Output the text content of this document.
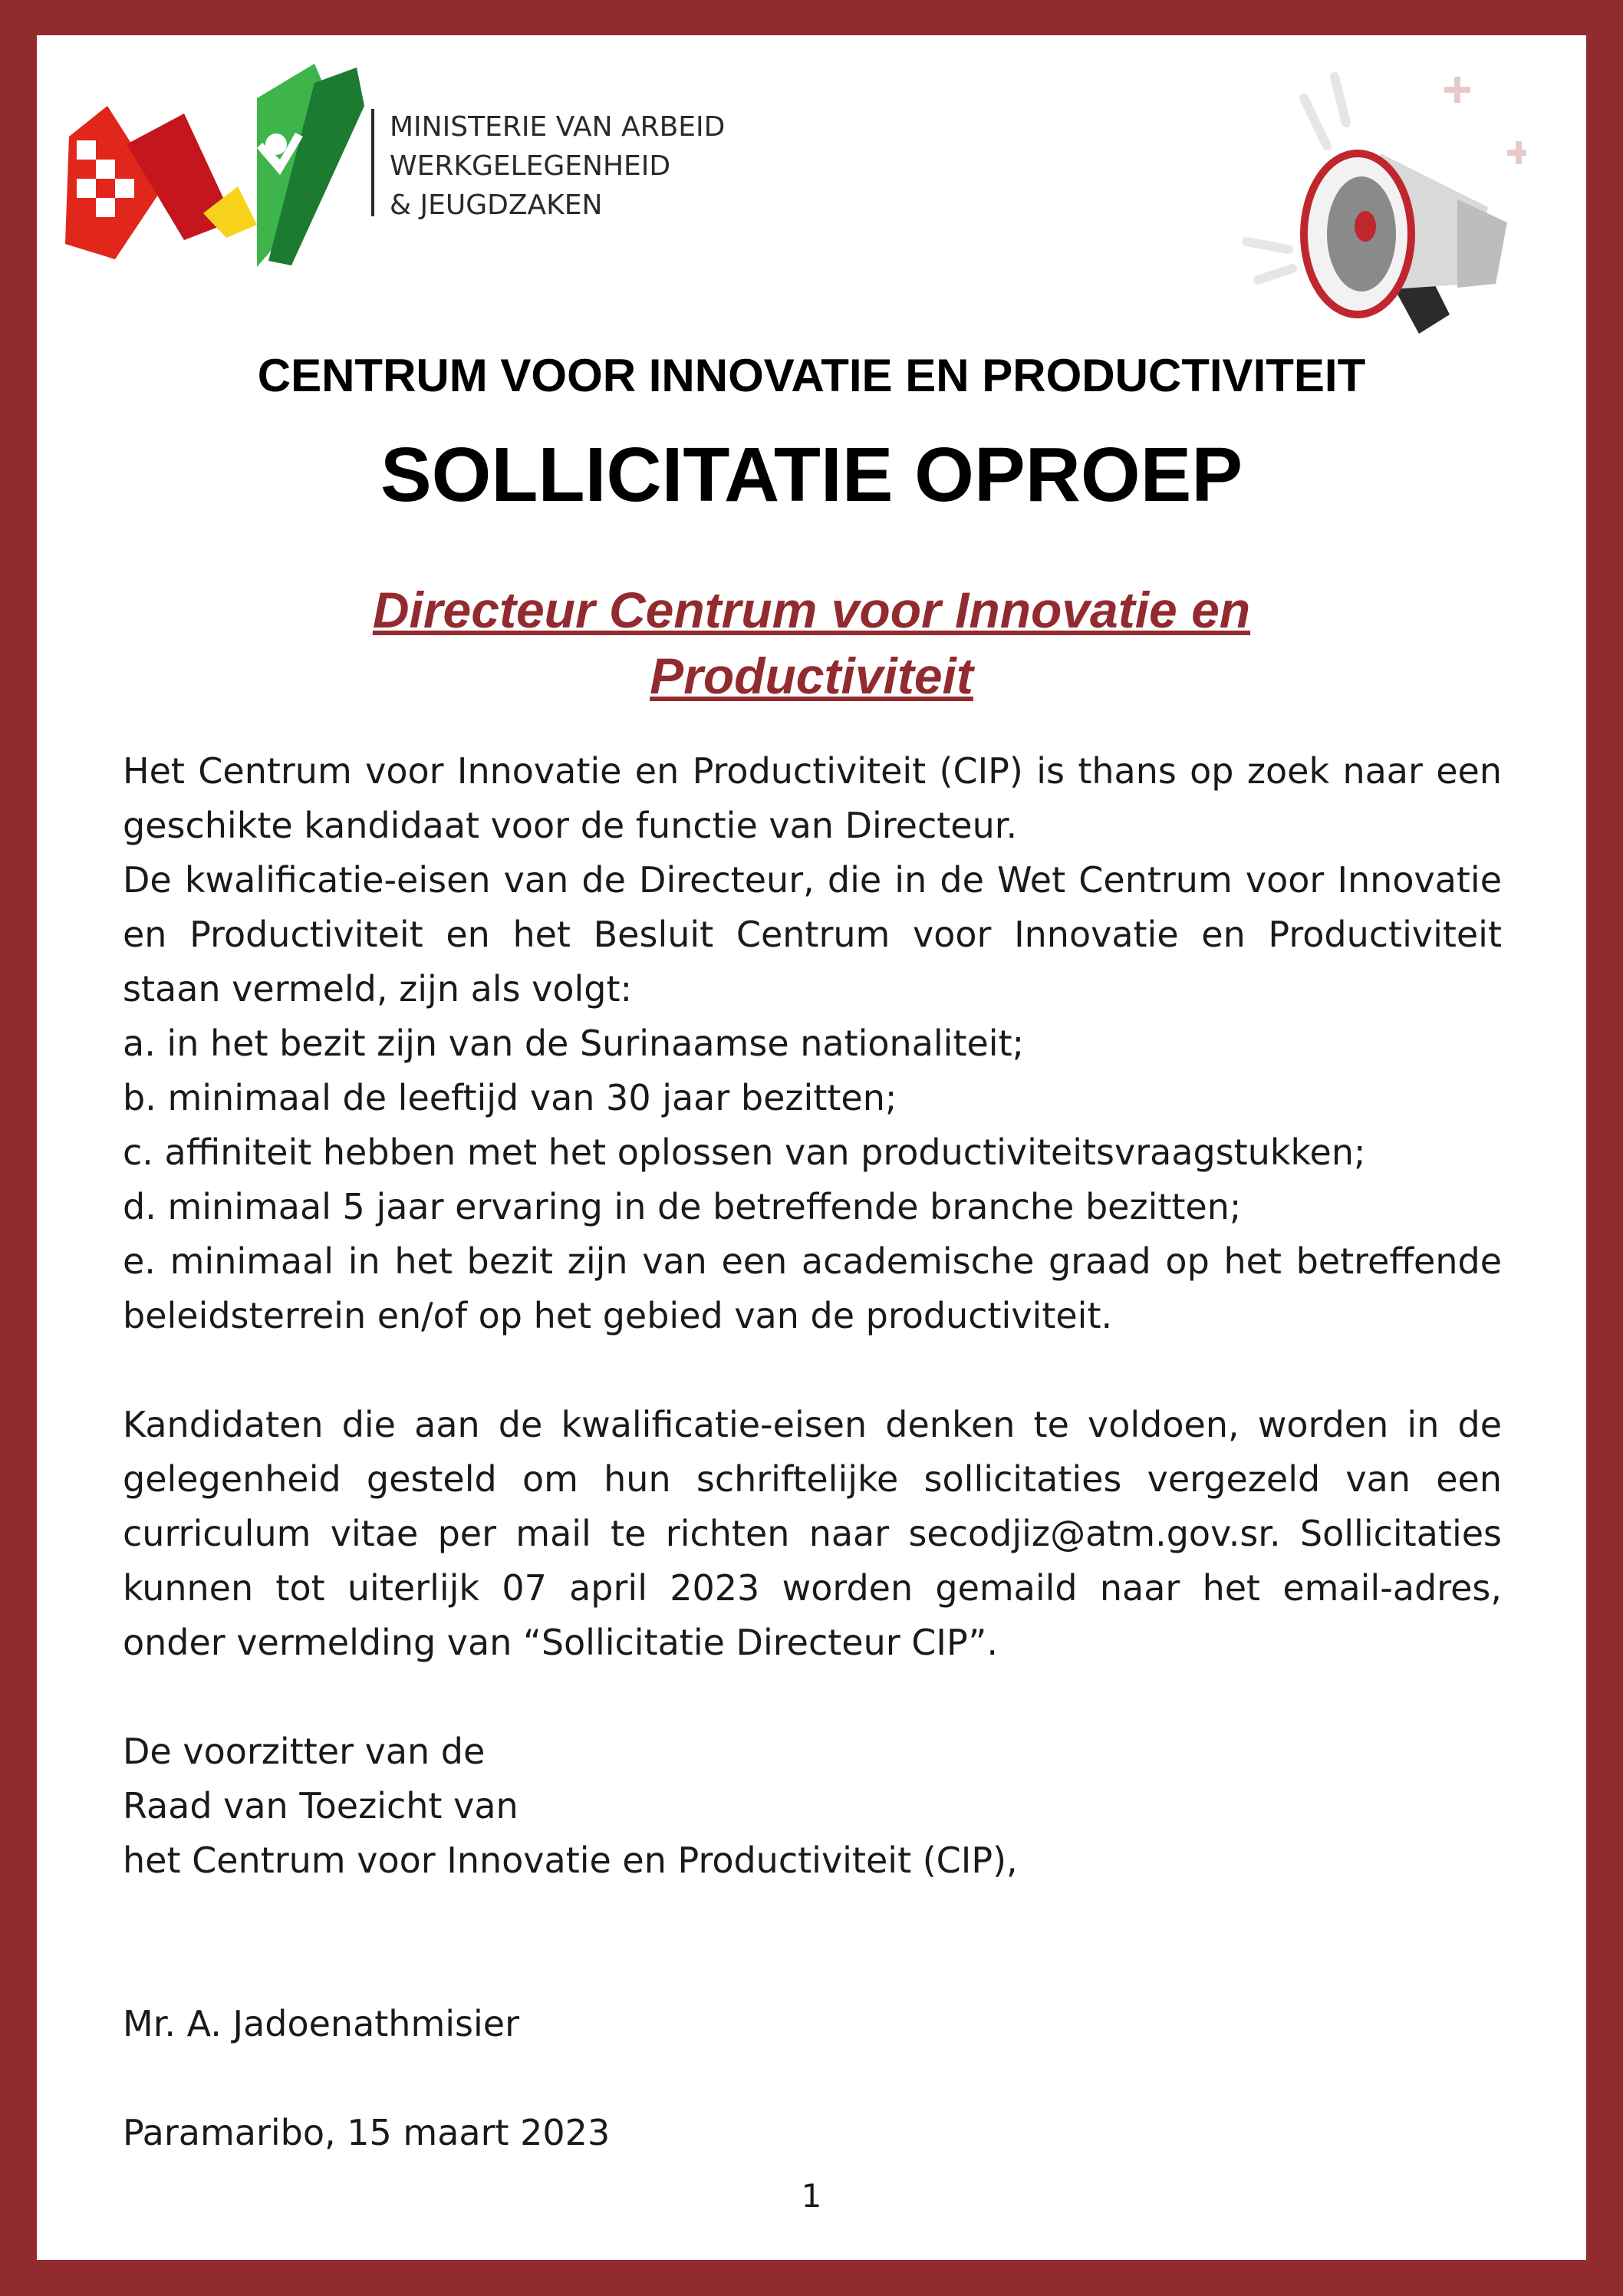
MINISTERIE VAN ARBEID
WERKGELEGENHEID
& JEUGDZAKEN
CENTRUM VOOR INNOVATIE EN PRODUCTIVITEIT
SOLLICITATIE OPROEP
Directeur Centrum voor Innovatie en
Productiviteit

Het Centrum voor Innovatie en Productiviteit (CIP) is thans op zoek naar een geschikte kandidaat voor de functie van Directeur.

De kwalificatie-eisen van de Directeur, die in de Wet Centrum voor Innovatie en Productiviteit en het Besluit Centrum voor Innovatie en Productiviteit staan vermeld, zijn als volgt:

a. in het bezit zijn van de Surinaamse nationaliteit;

b. minimaal de leeftijd van 30 jaar bezitten;

c. affiniteit hebben met het oplossen van productiviteitsvraagstukken;

d. minimaal 5 jaar ervaring in de betreffende branche bezitten;

e. minimaal in het bezit zijn van een academische graad op het betreffende beleidsterrein en/of op het gebied van de productiviteit.

Kandidaten die aan de kwalificatie-eisen denken te voldoen, worden in de gelegenheid gesteld om hun schriftelijke sollicitaties vergezeld van een curriculum vitae per mail te richten naar secodjiz@atm.gov.sr. Sollicitaties kunnen tot uiterlijk 07 april 2023 worden gemaild naar het email-adres, onder vermelding van “Sollicitatie Directeur CIP”.

De voorzitter van de

Raad van Toezicht van

het Centrum voor Innovatie en Productiviteit (CIP),

Mr. A. Jadoenathmisier

Paramaribo, 15 maart 2023

1
